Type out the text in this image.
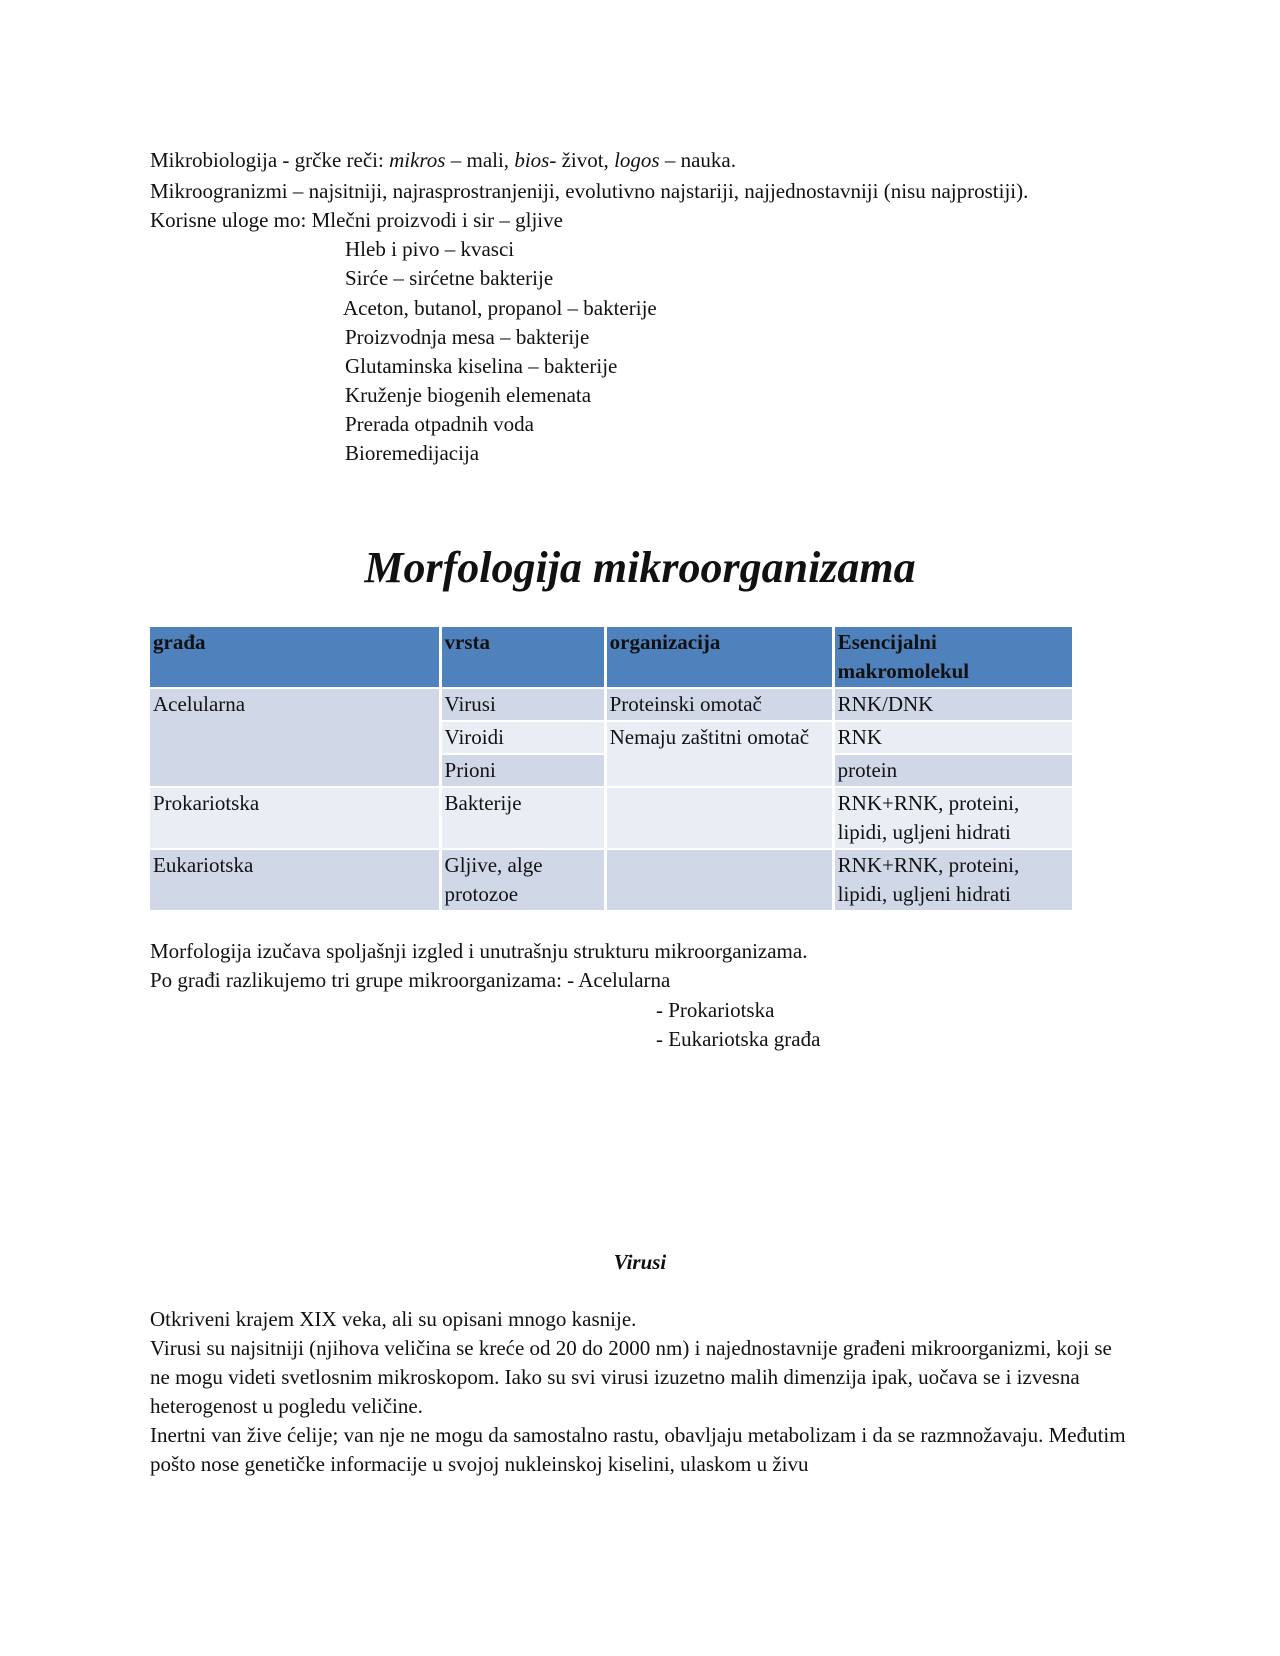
Mikrobiologija - grčke reči: mikros – mali, bios- život, logos – nauka.
Mikroogranizmi – najsitniji, najrasprostranjeniji, evolutivno najstariji, najjednostavniji (nisu najprostiji).
Korisne uloge mo: Mlečni proizvodi i sir – gljive
Hleb i pivo – kvasci
Sirće – sirćetne bakterije
Aceton, butanol, propanol – bakterije
Proizvodnja mesa – bakterije
Glutaminska kiselina – bakterije
Kruženje biogenih elemenata
Prerada otpadnih voda
Bioremedijacija
Morfologija mikroorganizama
građa	vrsta	organizacija	Esencijalni makromolekul
Acelularna	Virusi	Proteinski omotač	RNK/DNK
	Viroidi	Nemaju zaštitni omotač	RNK
	Prioni		protein
Prokariotska	Bakterije		RNK+RNK, proteini, lipidi, ugljeni hidrati
Eukariotska	Gljive, alge protozoe		RNK+RNK, proteini, lipidi, ugljeni hidrati
Morfologija izučava spoljašnji izgled i unutrašnju strukturu mikroorganizama.
Po građi razlikujemo tri grupe mikroorganizama: - Acelularna
- Prokariotska
- Eukariotska građa
Virusi
Otkriveni krajem XIX veka, ali su opisani mnogo kasnije.
Virusi su najsitniji (njihova veličina se kreće od 20 do 2000 nm) i najednostavnije građeni mikroorganizmi, koji se ne mogu videti svetlosnim mikroskopom. Iako su svi virusi izuzetno malih dimenzija ipak, uočava se i izvesna heterogenost u pogledu veličine.
Inertni van žive ćelije; van nje ne mogu da samostalno rastu, obavljaju metabolizam i da se razmnožavaju. Međutim pošto nose genetičke informacije u svojoj nukleinskoj kiselini, ulaskom u živu
